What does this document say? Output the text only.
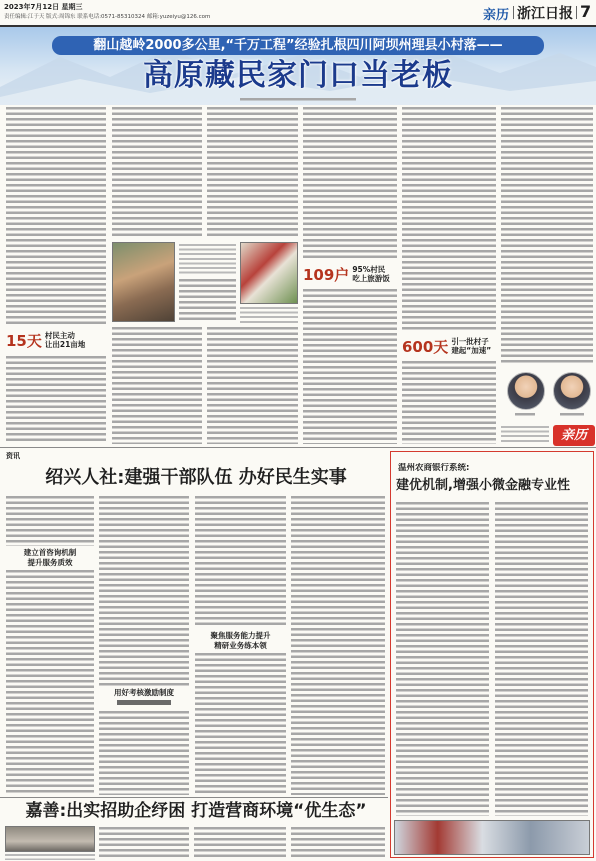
2023年7月12日 星期三
责任编辑:江于天 版式:周锦东 联系电话:0571-85310324 邮箱:yuzeiyu@126.com	亲历 浙江日报 7
翻山越岭2000多公里,“千万工程”经验扎根四川阿坝州理县小村落——
高原藏民家门口当老板
15天 村民主动
让出21亩地
109户 95%村民
吃上旅游饭
600天 引一批村子
建起“加速”
亲历
资讯
绍兴人社:建强干部队伍 办好民生实事
建立首咨询机制
提升服务质效
用好考核激励制度
聚焦服务能力提升
精研业务练本领
温州农商银行系统:
建优机制,增强小微金融专业性
嘉善:出实招助企纾困 打造营商环境“优生态”
